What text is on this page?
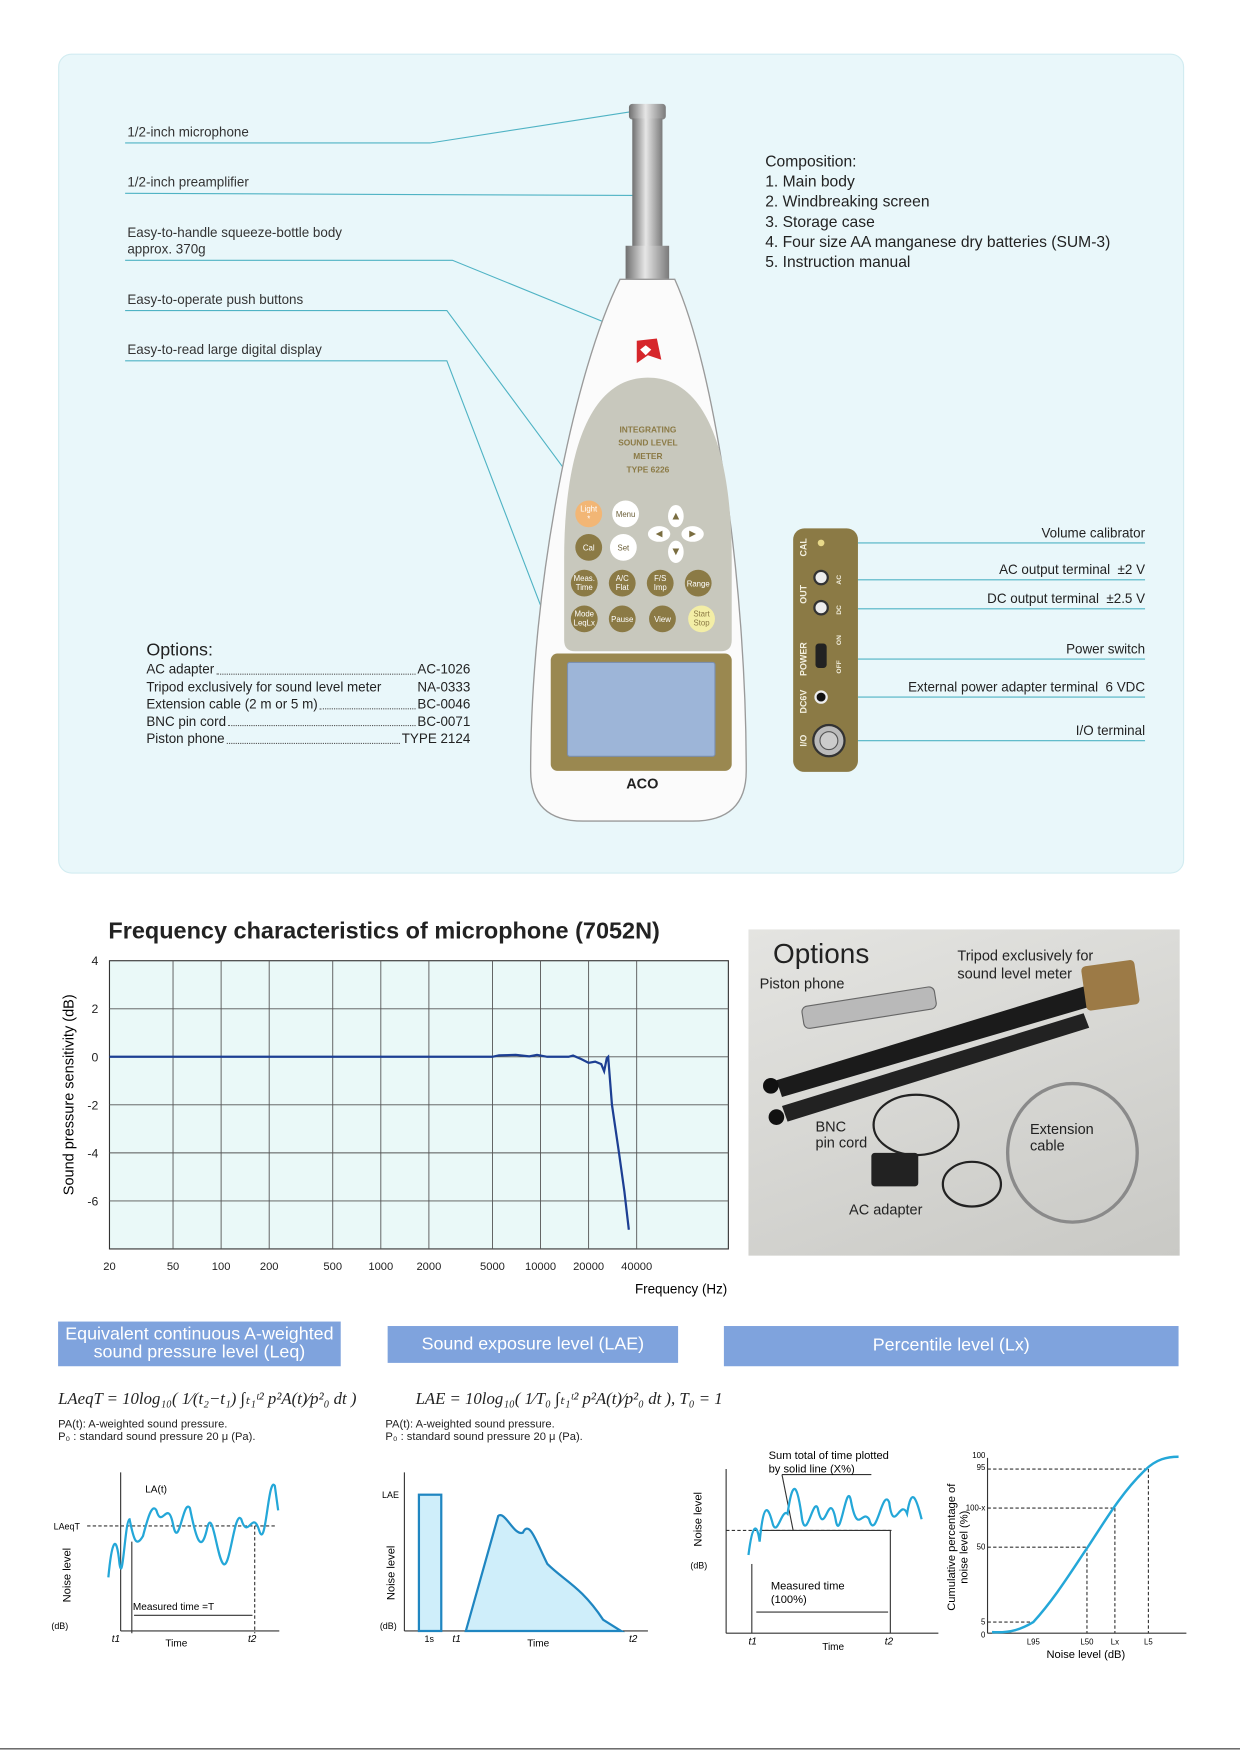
INTEGRATING
SOUND LEVEL
METER
TYPE 6226
Light
*	Menu
Cal	Set
Meas.
Time
A/C
Flat
F/S
Imp	Range
Mode
LeqLx Pause	View
Start
Stop
ACO
CAL
OUT
POWER
DC6V
I/O
AC
DC
ON
OFF
1/2-inch microphone
1/2-inch preamplifier
Easy-to-handle squeeze-bottle body
approx. 370g
Easy-to-operate push buttons
Easy-to-read large digital display
Composition:
1. Main body
2. Windbreaking screen
3. Storage case
4. Four size AA manganese dry batteries (SUM-3)
5. Instruction manual
Options:
AC adapter	AC-1026
Tripod exclusively for sound level meter	NA-0333
Extension cable (2 m or 5 m)	BC-0046
BNC pin cord	BC-0071
Piston phone	TYPE 2124
Volume calibrator
AC output terminal  ±2 V
DC output terminal  ±2.5 V
Power switch
External power adapter terminal  6 VDC
I/O terminal
Frequency characteristics of microphone (7052N)
20	50	100	200	500	1000 2000	5000 10000 20000 40000
4
2
0
-2
-4
-6
Sound pressure sensitivity (dB)
Frequency (Hz)
Options
Piston phone
Tripod exclusively for
sound level meter
BNC
pin cord
Extension
cable
AC adapter
Equivalent continuous A-weighted
sound pressure level (Leq)	Sound exposure level (LAE)	Percentile level (Lx)
LAeqT = 10log₁₀( 1⁄(t₂−t₁) ∫ₜ₁ᵗ² p²A(t)⁄p²₀ dt )
PA(t): A-weighted sound pressure.
P₀ : standard sound pressure 20 μ (Pa).
LAE = 10log₁₀( 1⁄T₀ ∫ₜ₁ᵗ² p²A(t)⁄p²₀ dt ), T₀ = 1
PA(t): A-weighted sound pressure.
P₀ : standard sound pressure 20 μ (Pa).
LA(t)
LAeqT
Noise level
(dB)
Measured time =T
t1	Time	t2
LAE
Noise level
(dB)
1s t1	Time	t2
Sum total of time plotted
by solid line (X%)
Noise level
(dB)
Measured time
(100%)
t1
Time
t2
100
95
100-x
50
5
0
L95	L50 Lx	L5
Noise level (dB)
Cumulative percentage of noise level (%)
